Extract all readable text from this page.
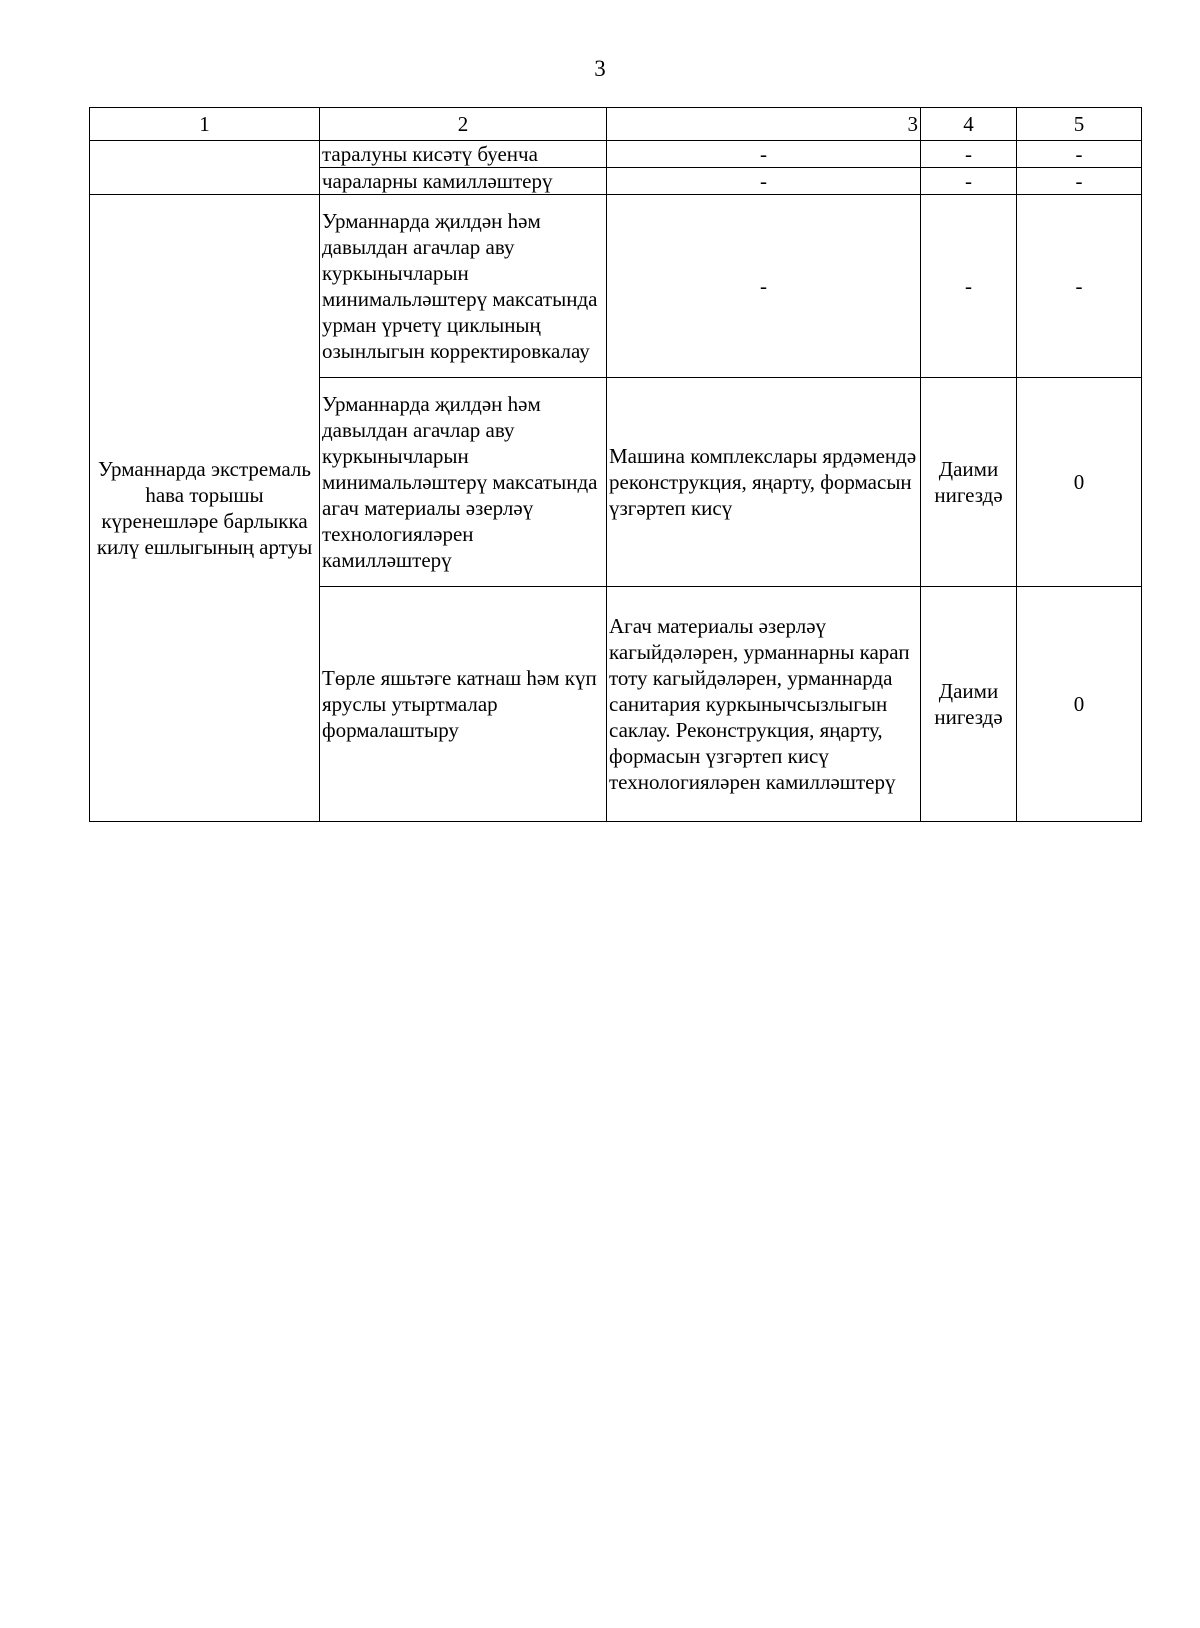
3
1	2	3	4	5
	таралуны кисәтү буенча	-	-	-
	чараларны камилләштерү	-	-	-
Урманнарда экстремаль һава торышы күренешләре барлыкка килү ешлыгының артуы	Урманнарда җилдән һәм давылдан агачлар аву куркынычларын минимальләштерү максатында урман үрчетү циклының озынлыгын корректировкалау	-	-	-
	Урманнарда җилдән һәм давылдан агачлар аву куркынычларын минимальләштерү максатында агач материалы әзерләү технологияләрен камилләштерү	Машина комплекслары ярдәмендә реконструкция, яңарту, формасын үзгәртеп кисү	Даими нигездә	0
	Төрле яшьтәге катнаш һәм күп яруслы утыртмалар формалаштыру	Агач материалы әзерләү кагыйдәләрен, урманнарны карап тоту кагыйдәләрен, урманнарда санитария куркынычсызлыгын саклау. Реконструкция, яңарту, формасын үзгәртеп кисү технологияләрен камилләштерү	Даими нигездә	0
